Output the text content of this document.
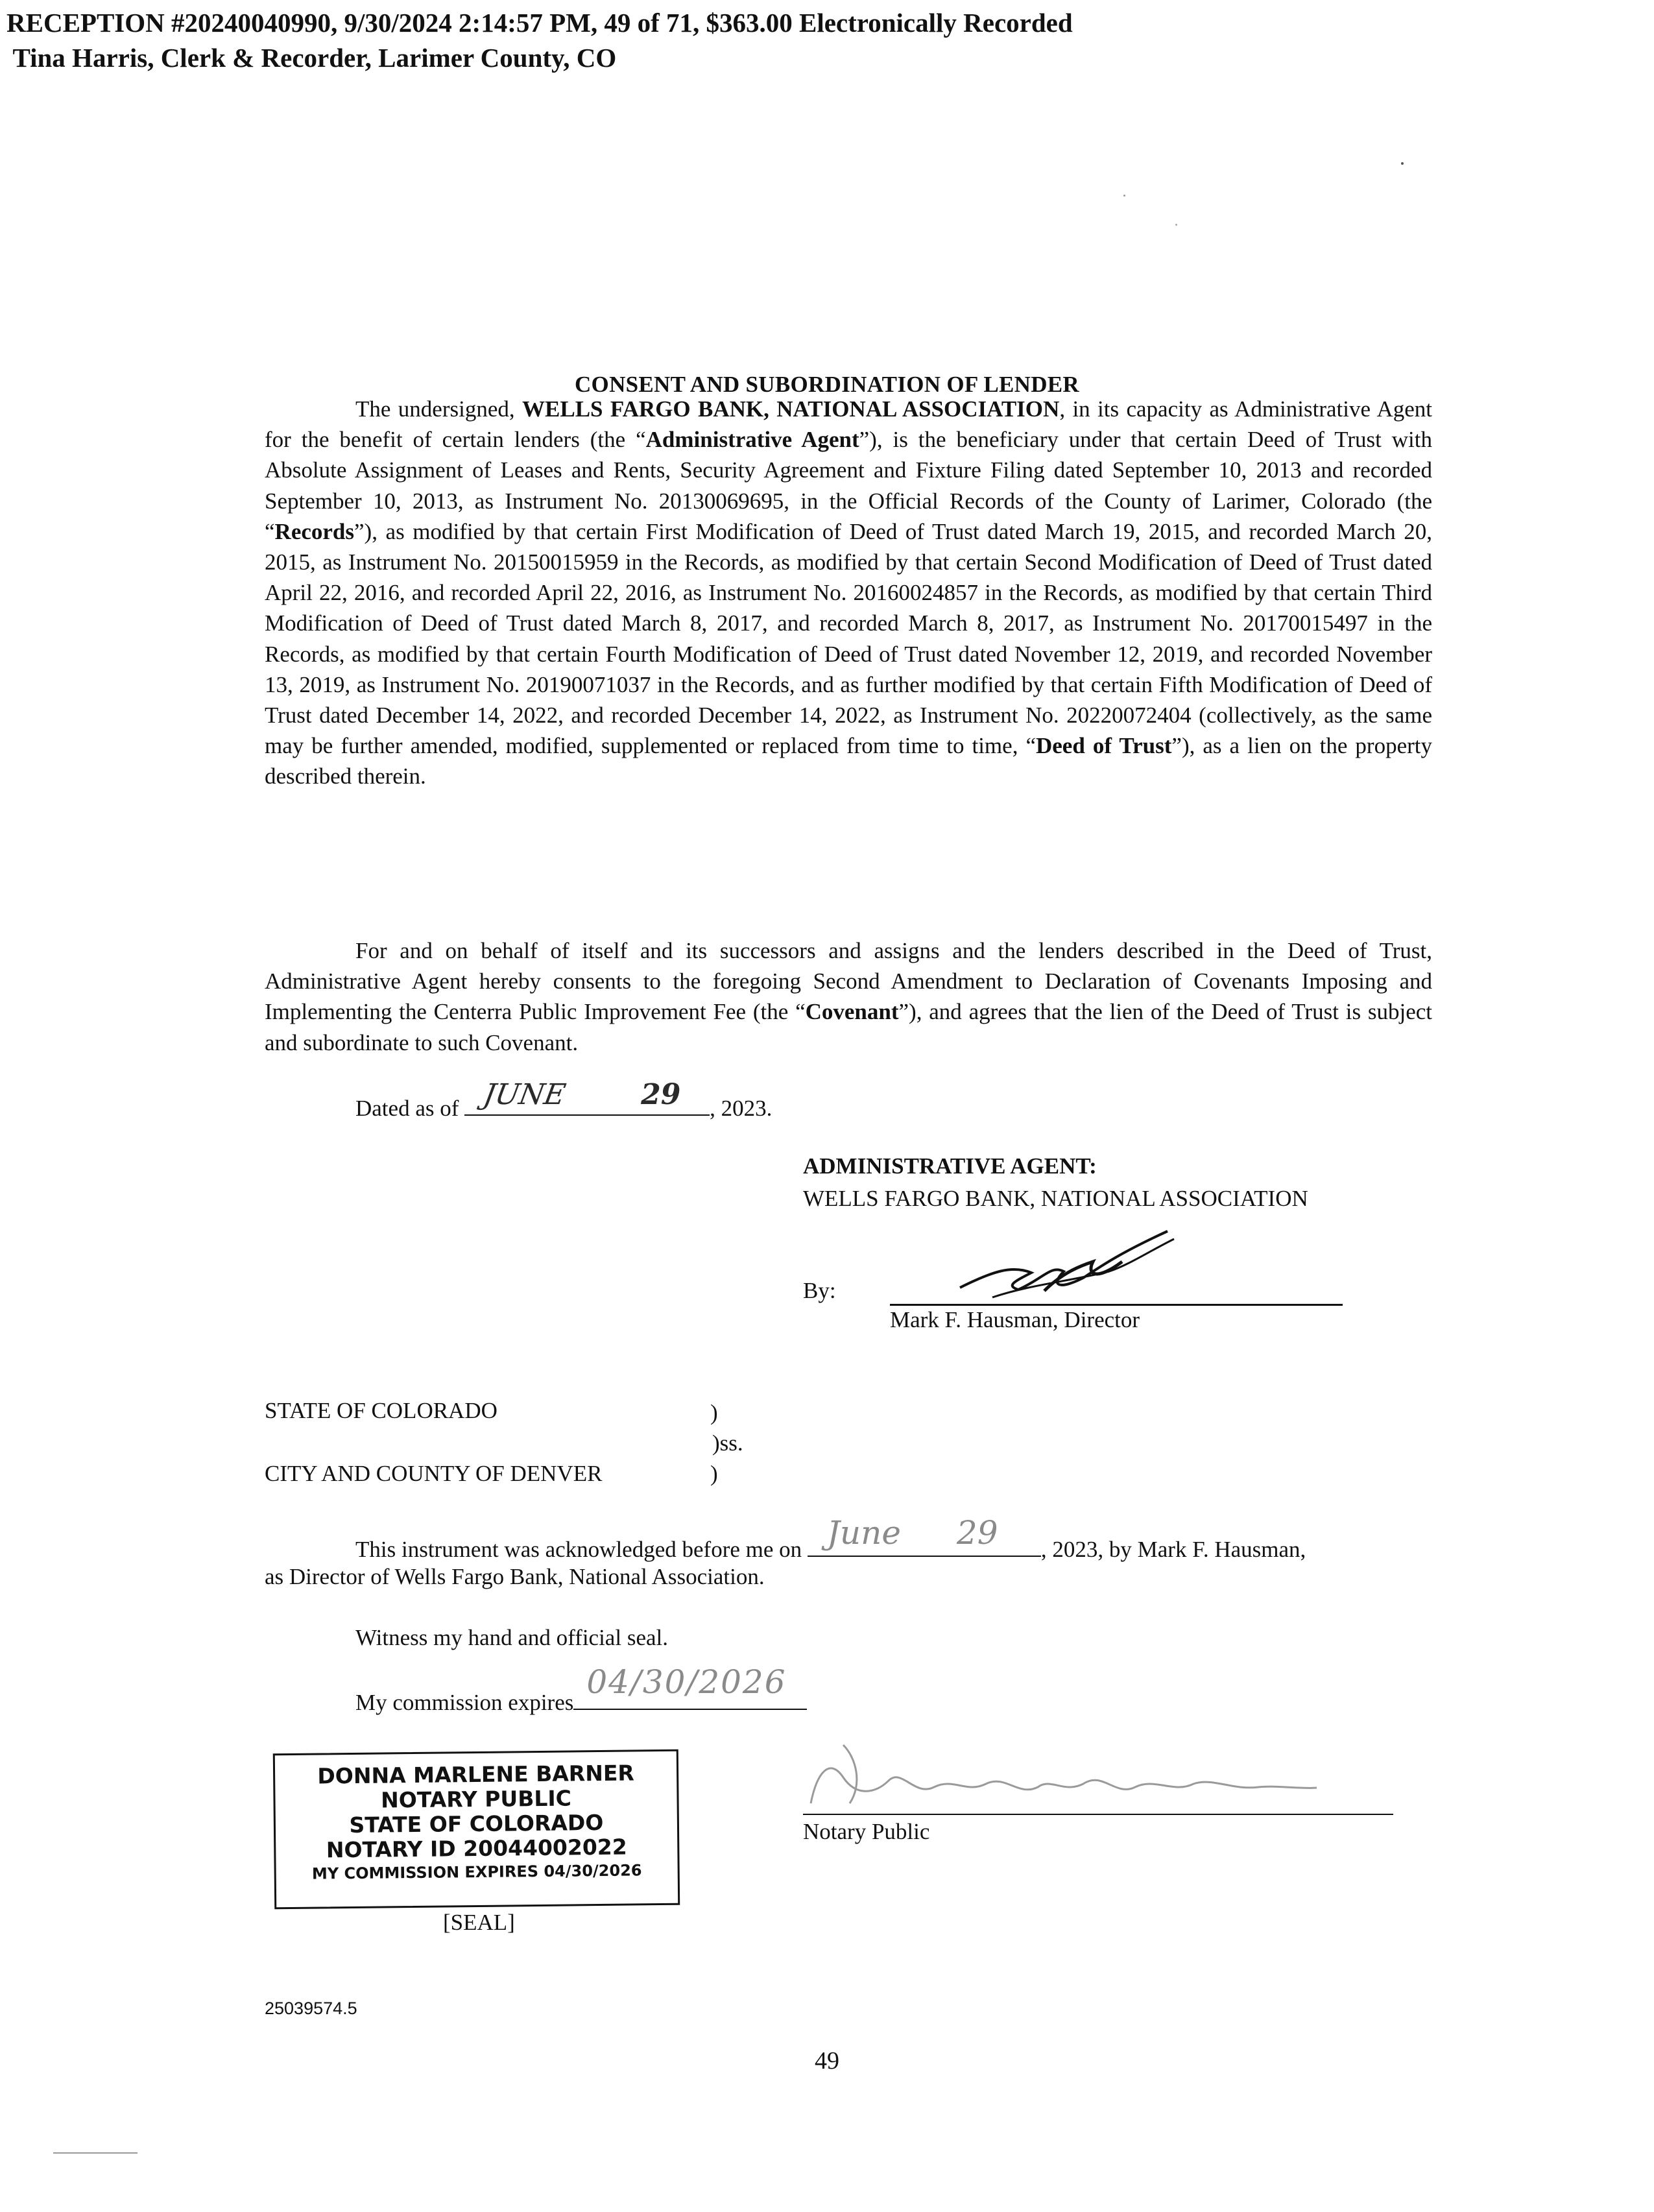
RECEPTION #20240040990, 9/30/2024 2:14:57 PM, 49 of 71, $363.00 Electronically Recorded
Tina Harris, Clerk & Recorder, Larimer County, CO
CONSENT AND SUBORDINATION OF LENDER
The undersigned, WELLS FARGO BANK, NATIONAL ASSOCIATION, in its capacity as Administrative Agent for the benefit of certain lenders (the “Administrative Agent”), is the beneficiary under that certain Deed of Trust with Absolute Assignment of Leases and Rents, Security Agreement and Fixture Filing dated September 10, 2013 and recorded September 10, 2013, as Instrument No. 20130069695, in the Official Records of the County of Larimer, Colorado (the “Records”), as modified by that certain First Modification of Deed of Trust dated March 19, 2015, and recorded March 20, 2015, as Instrument No. 20150015959 in the Records, as modified by that certain Second Modification of Deed of Trust dated April 22, 2016, and recorded April 22, 2016, as Instrument No. 20160024857 in the Records, as modified by that certain Third Modification of Deed of Trust dated March 8, 2017, and recorded March 8, 2017, as Instrument No. 20170015497 in the Records, as modified by that certain Fourth Modification of Deed of Trust dated November 12, 2019, and recorded November 13, 2019, as Instrument No. 20190071037 in the Records, and as further modified by that certain Fifth Modification of Deed of Trust dated December 14, 2022, and recorded December 14, 2022, as Instrument No. 20220072404 (collectively, as the same may be further amended, modified, supplemented or replaced from time to time, “Deed of Trust”), as a lien on the property described therein.
For and on behalf of itself and its successors and assigns and the lenders described in the Deed of Trust, Administrative Agent hereby consents to the foregoing Second Amendment to Declaration of Covenants Imposing and Implementing the Centerra Public Improvement Fee (the “Covenant”), and agrees that the lien of the Deed of Trust is subject and subordinate to such Covenant.
Dated as of JUNE	29 , 2023.
ADMINISTRATIVE AGENT:
WELLS FARGO BANK, NATIONAL ASSOCIATION
By:
Mark F. Hausman, Director
STATE OF COLORADO	)
)ss.
CITY AND COUNTY OF DENVER	)
This instrument was acknowledged before me on June 29 , 2023, by Mark F. Hausman,
as Director of Wells Fargo Bank, National Association.
Witness my hand and official seal.
My commission expires
04/30/2026
DONNA MARLENE BARNER
NOTARY PUBLIC
STATE OF COLORADO
NOTARY ID 20044002022
MY COMMISSION EXPIRES 04/30/2026
[SEAL]
Notary Public
25039574.5
49
